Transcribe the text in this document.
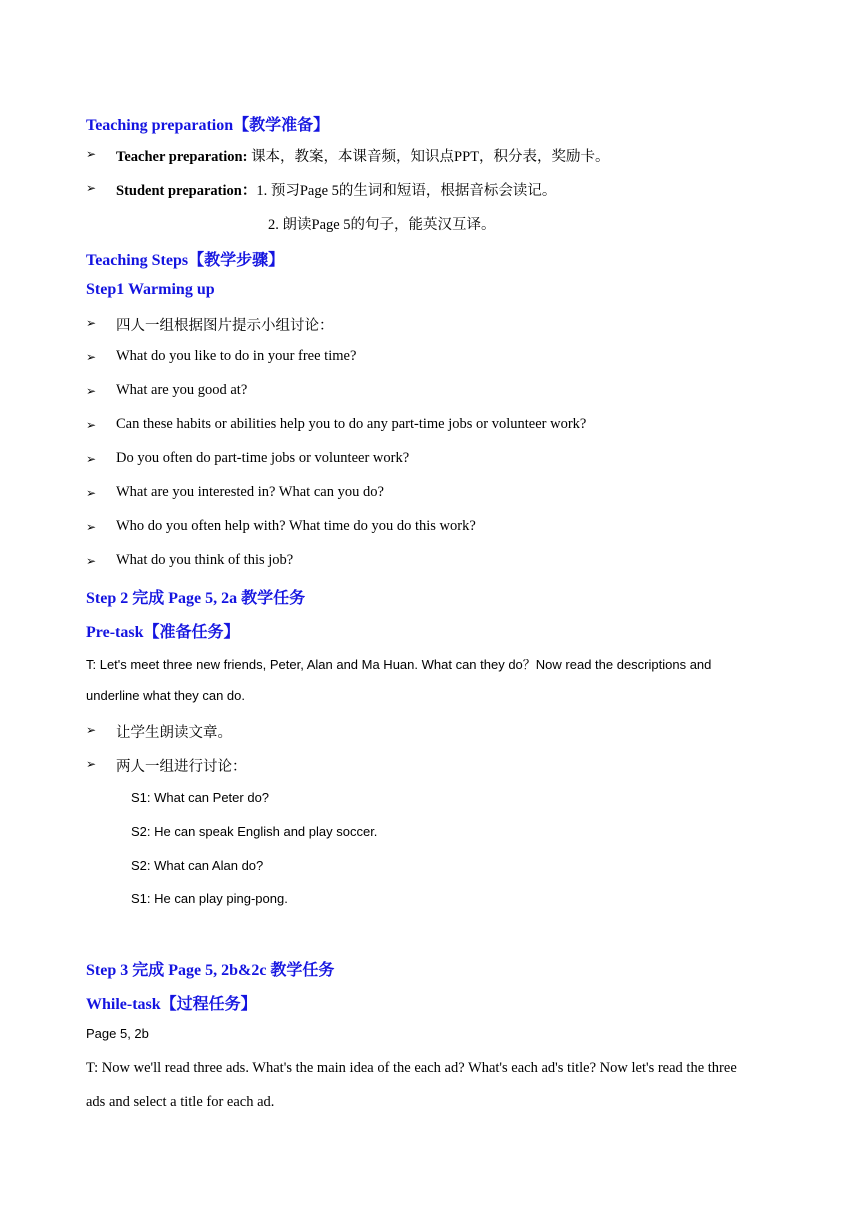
Teaching preparation【教学准备】
➢ Teacher preparation: 课本，教案，本课音频，知识点PPT，积分表，奖励卡。
➢ Student preparation：1. 预习Page 5的生词和短语，根据音标会读记。
2. 朗读Page 5的句子，能英汉互译。
Teaching Steps【教学步骤】
Step1 Warming up
➢ 四人一组根据图片提示小组讨论：
➢ What do you like to do in your free time?
➢ What are you good at?
➢ Can these habits or abilities help you to do any part-time jobs or volunteer work?
➢ Do you often do part-time jobs or volunteer work?
➢ What are you interested in? What can you do?
➢ Who do you often help with? What time do you do this work?
➢ What do you think of this job?
Step 2 完成 Page 5, 2a 教学任务
Pre-task【准备任务】
T: Let's meet three new friends, Peter, Alan and Ma Huan. What can they do？Now read the descriptions and
underline what they can do.
➢ 让学生朗读文章。
➢ 两人一组进行讨论：
S1: What can Peter do?
S2: He can speak English and play soccer.
S2: What can Alan do?
S1: He can play ping-pong.
Step 3 完成 Page 5, 2b&2c 教学任务
While-task【过程任务】
Page 5, 2b
T: Now we'll read three ads. What's the main idea of the each ad? What's each ad's title? Now let's read the three
ads and select a title for each ad.
